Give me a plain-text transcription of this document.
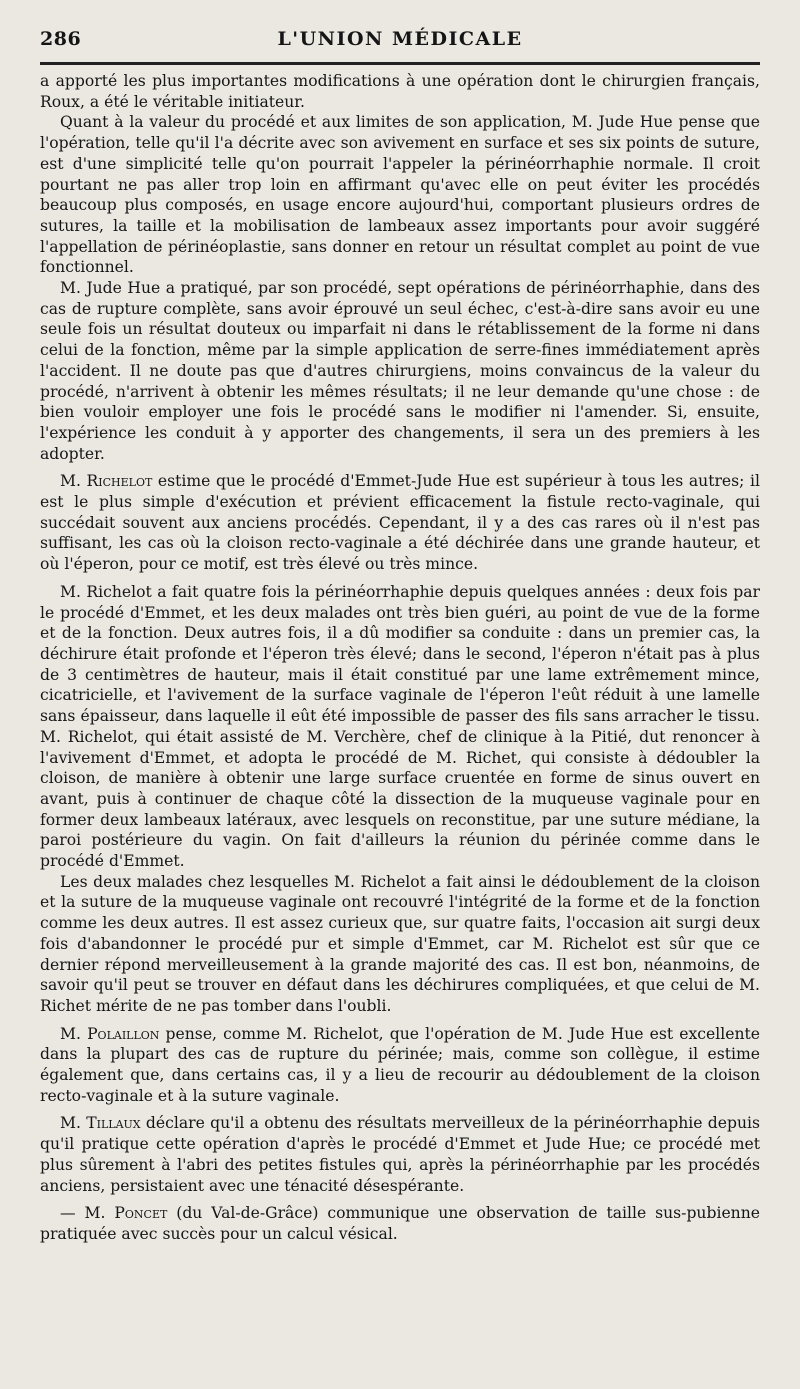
286	L'UNION MÉDICALE

a apporté les plus importantes modifications à une opération dont le chirurgien français, Roux, a été le véritable initiateur.

Quant à la valeur du procédé et aux limites de son application, M. Jude Hue pense que l'opération, telle qu'il l'a décrite avec son avivement en surface et ses six points de suture, est d'une simplicité telle qu'on pourrait l'appeler la périnéorrhaphie normale. Il croit pourtant ne pas aller trop loin en affirmant qu'avec elle on peut éviter les procédés beaucoup plus composés, en usage encore aujourd'hui, comportant plusieurs ordres de sutures, la taille et la mobilisation de lambeaux assez importants pour avoir suggéré l'appellation de périnéoplastie, sans donner en retour un résultat complet au point de vue fonctionnel.

M. Jude Hue a pratiqué, par son procédé, sept opérations de périnéorrhaphie, dans des cas de rupture complète, sans avoir éprouvé un seul échec, c'est-à-dire sans avoir eu une seule fois un résultat douteux ou imparfait ni dans le rétablissement de la forme ni dans celui de la fonction, même par la simple application de serre-fines immédiatement après l'accident. Il ne doute pas que d'autres chirurgiens, moins convaincus de la valeur du procédé, n'arrivent à obtenir les mêmes résultats; il ne leur demande qu'une chose : de bien vouloir employer une fois le procédé sans le modifier ni l'amender. Si, ensuite, l'expérience les conduit à y apporter des changements, il sera un des premiers à les adopter.

M. Richelot estime que le procédé d'Emmet-Jude Hue est supérieur à tous les autres; il est le plus simple d'exécution et prévient efficacement la fistule recto-vaginale, qui succédait souvent aux anciens procédés. Cependant, il y a des cas rares où il n'est pas suffisant, les cas où la cloison recto-vaginale a été déchirée dans une grande hauteur, et où l'éperon, pour ce motif, est très élevé ou très mince.

M. Richelot a fait quatre fois la périnéorrhaphie depuis quelques années : deux fois par le procédé d'Emmet, et les deux malades ont très bien guéri, au point de vue de la forme et de la fonction. Deux autres fois, il a dû modifier sa conduite : dans un premier cas, la déchirure était profonde et l'éperon très élevé; dans le second, l'éperon n'était pas à plus de 3 centimètres de hauteur, mais il était constitué par une lame extrêmement mince, cicatricielle, et l'avivement de la surface vaginale de l'éperon l'eût réduit à une lamelle sans épaisseur, dans laquelle il eût été impossible de passer des fils sans arracher le tissu. M. Richelot, qui était assisté de M. Verchère, chef de clinique à la Pitié, dut renoncer à l'avivement d'Emmet, et adopta le procédé de M. Richet, qui consiste à dédoubler la cloison, de manière à obtenir une large surface cruentée en forme de sinus ouvert en avant, puis à continuer de chaque côté la dissection de la muqueuse vaginale pour en former deux lambeaux latéraux, avec lesquels on reconstitue, par une suture médiane, la paroi postérieure du vagin. On fait d'ailleurs la réunion du périnée comme dans le procédé d'Emmet.

Les deux malades chez lesquelles M. Richelot a fait ainsi le dédoublement de la cloison et la suture de la muqueuse vaginale ont recouvré l'intégrité de la forme et de la fonction comme les deux autres. Il est assez curieux que, sur quatre faits, l'occasion ait surgi deux fois d'abandonner le procédé pur et simple d'Emmet, car M. Richelot est sûr que ce dernier répond merveilleusement à la grande majorité des cas. Il est bon, néanmoins, de savoir qu'il peut se trouver en défaut dans les déchirures compliquées, et que celui de M. Richet mérite de ne pas tomber dans l'oubli.

M. Polaillon pense, comme M. Richelot, que l'opération de M. Jude Hue est excellente dans la plupart des cas de rupture du périnée; mais, comme son collègue, il estime également que, dans certains cas, il y a lieu de recourir au dédoublement de la cloison recto-vaginale et à la suture vaginale.

M. Tillaux déclare qu'il a obtenu des résultats merveilleux de la périnéorrhaphie depuis qu'il pratique cette opération d'après le procédé d'Emmet et Jude Hue; ce procédé met plus sûrement à l'abri des petites fistules qui, après la périnéorrhaphie par les procédés anciens, persistaient avec une ténacité désespérante.

— M. Poncet (du Val-de-Grâce) communique une observation de taille sus-pubienne pratiquée avec succès pour un calcul vésical.
